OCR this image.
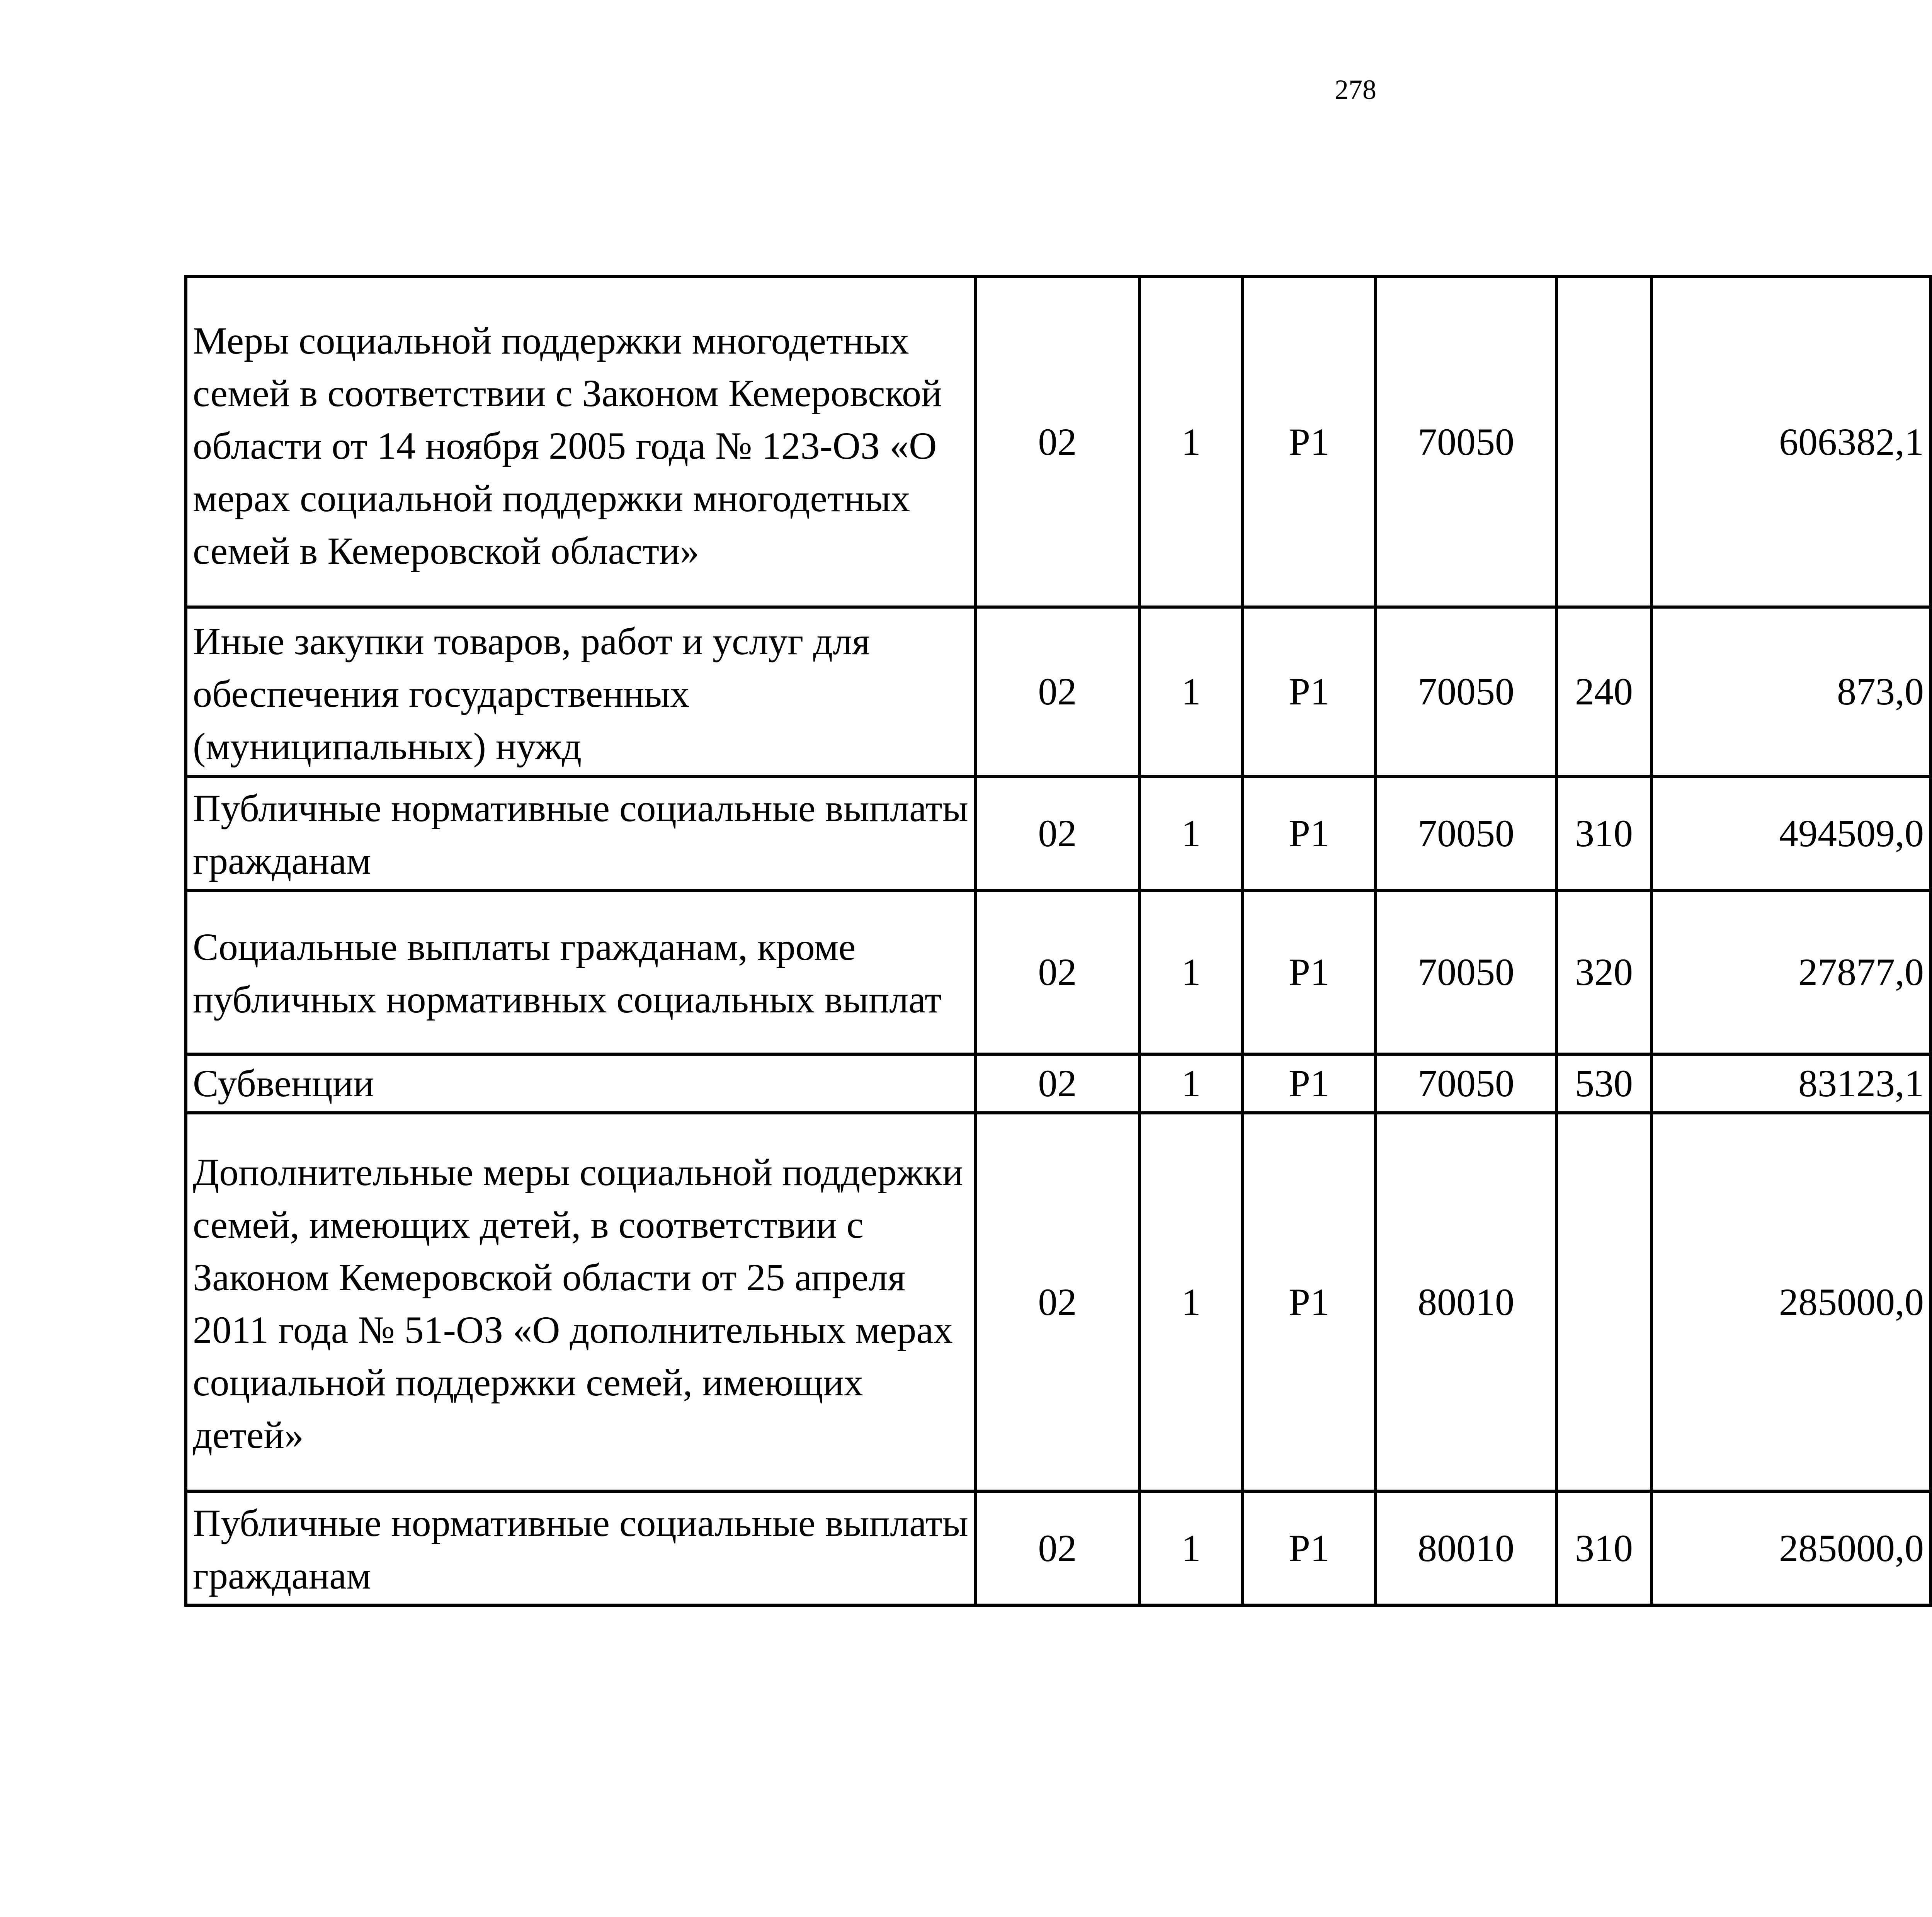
278
Меры социальной поддержки многодетных семей в соответствии с Законом Кемеровской области от 14 ноября 2005 года № 123-ОЗ «О мерах социальной поддержки многодетных семей в Кемеровской области»	02	1	Р1	70050		606382,1		
Иные закупки товаров, работ и услуг для обеспечения государственных (муниципальных) нужд	02	1	Р1	70050	240	873,0		
Публичные нормативные социальные выплаты гражданам	02	1	Р1	70050	310	494509,0		
Социальные выплаты гражданам, кроме публичных нормативных социальных выплат	02	1	Р1	70050	320	27877,0		
Субвенции	02	1	Р1	70050	530	83123,1		
Дополнительные меры социальной поддержки семей, имеющих детей, в соответствии с Законом Кемеровской области от 25 апреля 2011 года № 51-ОЗ «О дополнительных мерах социальной поддержки семей, имеющих детей»	02	1	Р1	80010		285000,0		
Публичные нормативные социальные выплаты гражданам	02	1	Р1	80010	310	285000,0		
